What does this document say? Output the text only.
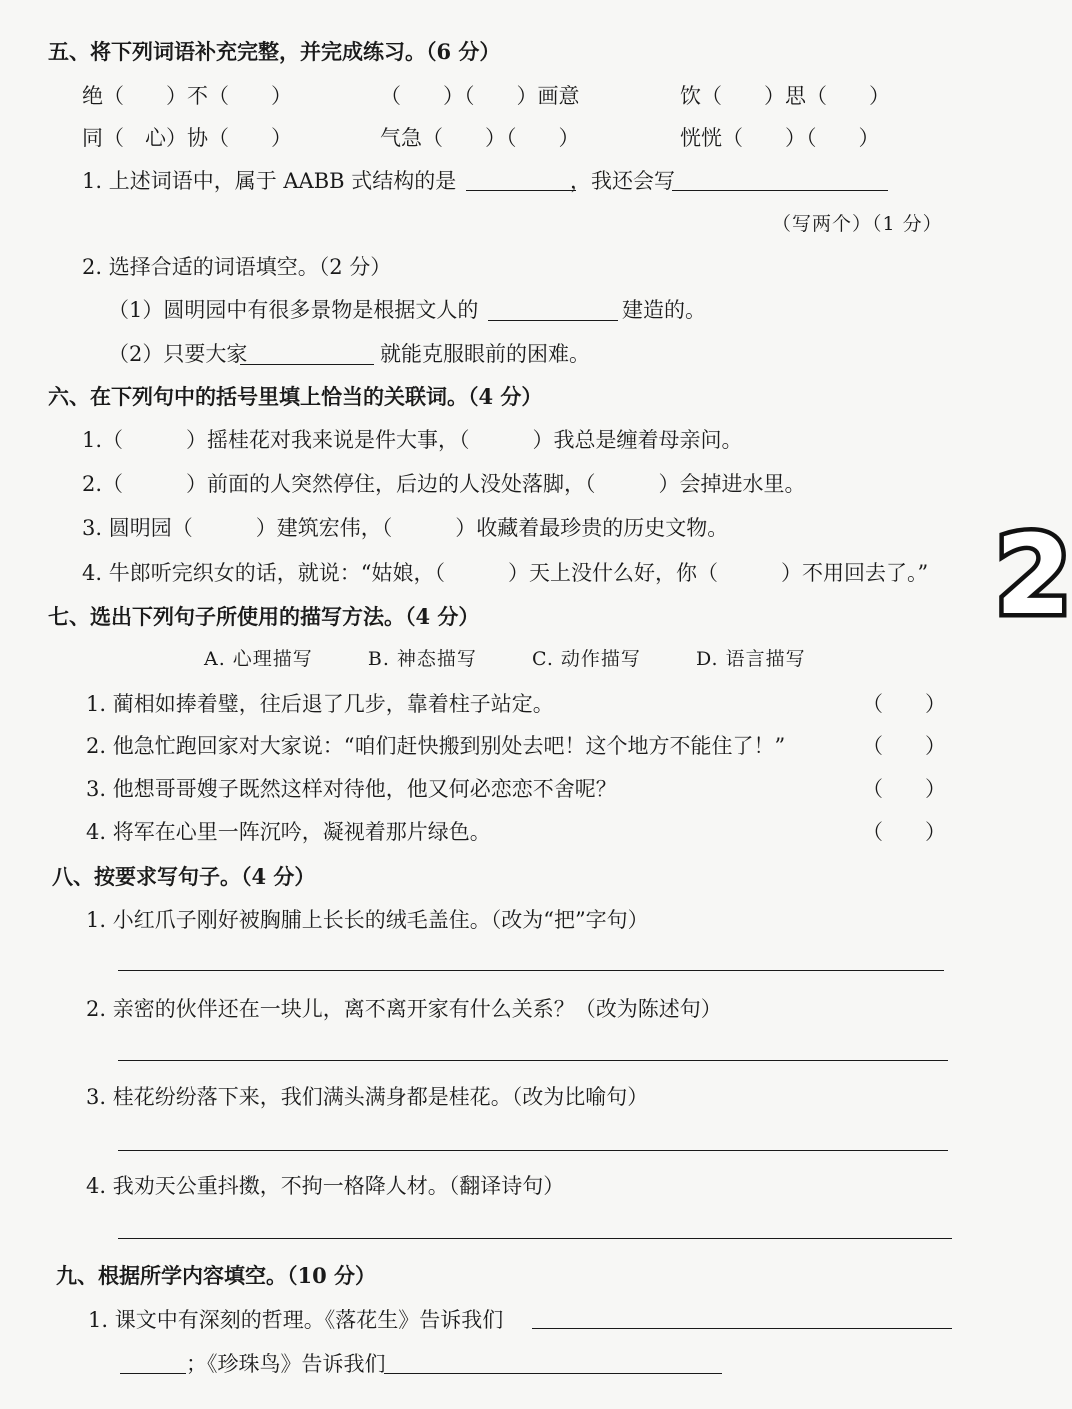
五、将下列词语补充完整，并完成练习。（6 分）
绝（　　）不（　　）	（　　）（　　）画意	饮（　　）思（　　）
同（　心）协（　　）	气急（　　）（　　）	恍恍（　　）（　　）
1. 上述词语中，属于 AABB 式结构的是	，我还会写
（写两个）（1 分）
2. 选择合适的词语填空。（2 分）
（1）圆明园中有很多景物是根据文人的	建造的。
（2）只要大家	就能克服眼前的困难。
六、在下列句中的括号里填上恰当的关联词。（4 分）
1.（　　　）摇桂花对我来说是件大事，（　　　）我总是缠着母亲问。
2.（　　　）前面的人突然停住，后边的人没处落脚，（　　　）会掉进水里。
3. 圆明园（　　　）建筑宏伟，（　　　）收藏着最珍贵的历史文物。
4. 牛郎听完织女的话，就说：“姑娘，（　　　）天上没什么好，你（　　　）不用回去了。” 2
七、选出下列句子所使用的描写方法。（4 分）
A. 心理描写	B. 神态描写	C. 动作描写	D. 语言描写
1. 蔺相如捧着璧，往后退了几步，靠着柱子站定。	（　　）
2. 他急忙跑回家对大家说：“咱们赶快搬到别处去吧！这个地方不能住了！”	（　　）
3. 他想哥哥嫂子既然这样对待他，他又何必恋恋不舍呢？	（　　）
4. 将军在心里一阵沉吟，凝视着那片绿色。	（　　）
八、按要求写句子。（4 分）
1. 小红爪子刚好被胸脯上长长的绒毛盖住。（改为“把”字句）
2. 亲密的伙伴还在一块儿，离不离开家有什么关系？（改为陈述句）
3. 桂花纷纷落下来，我们满头满身都是桂花。（改为比喻句）
4. 我劝天公重抖擞，不拘一格降人材。（翻译诗句）
九、根据所学内容填空。（10 分）
1. 课文中有深刻的哲理。《落花生》告诉我们
；《珍珠鸟》告诉我们
